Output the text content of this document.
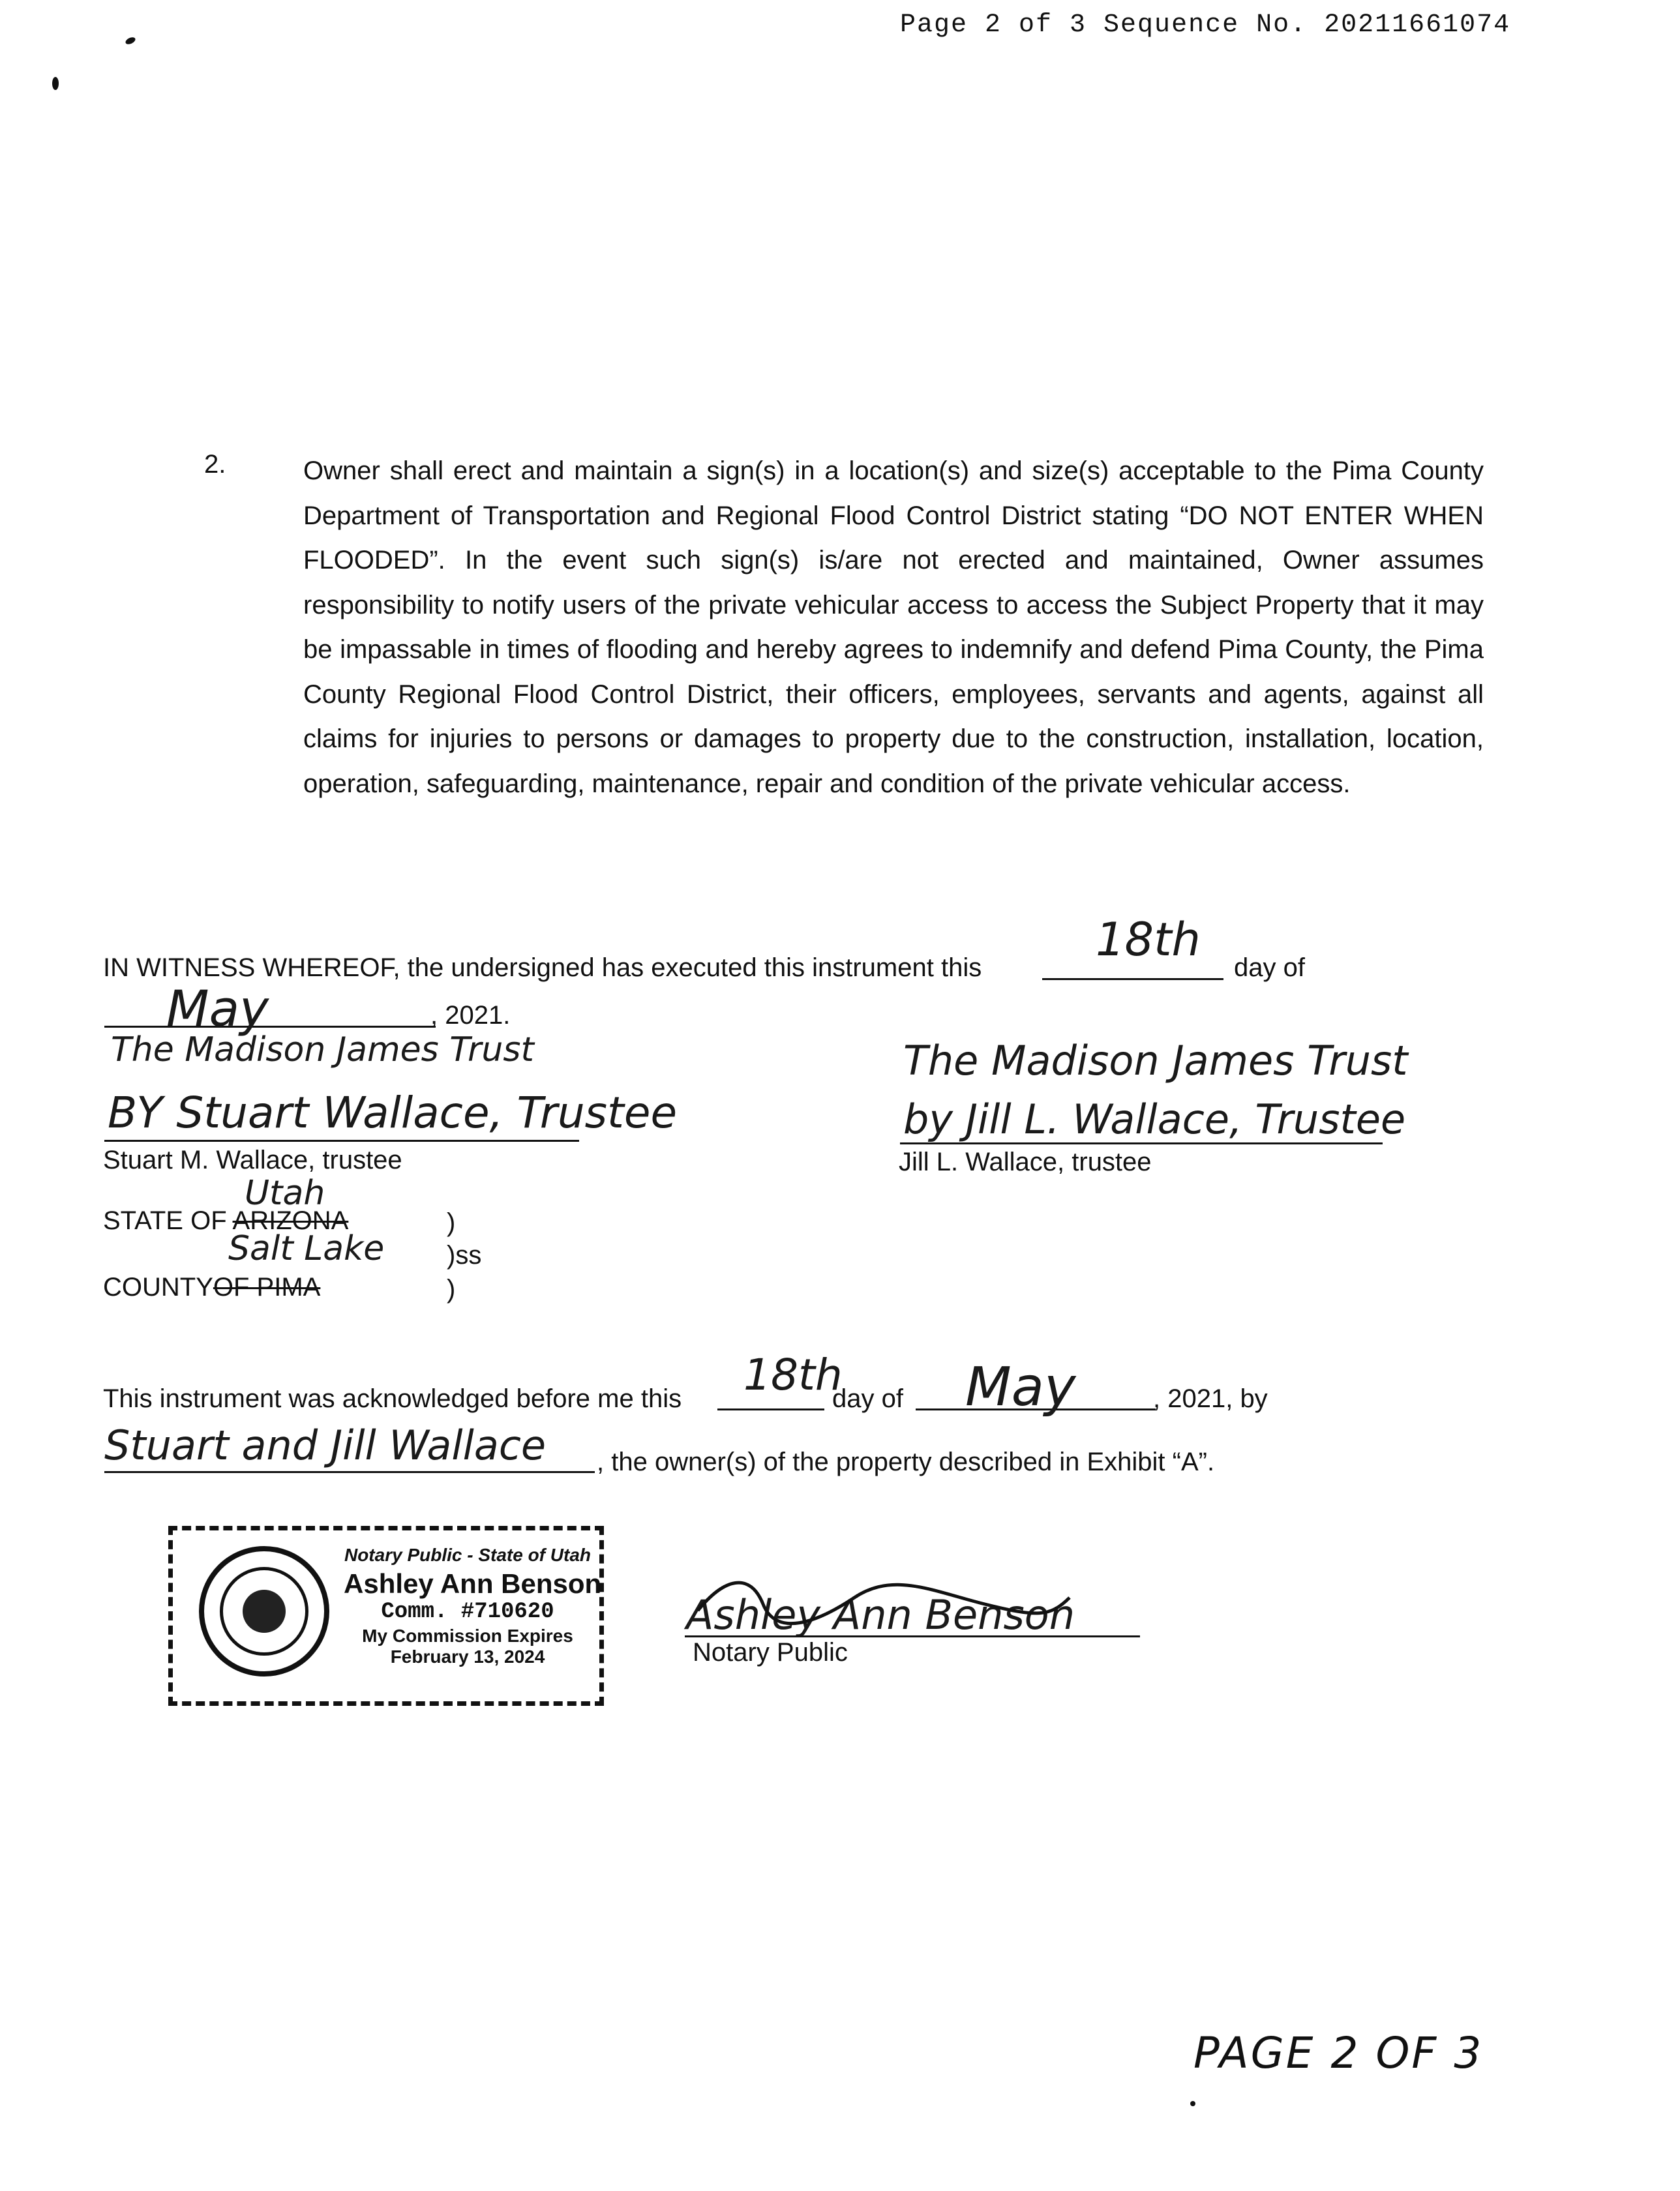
Page 2 of 3 Sequence No. 20211661074
2.	Owner shall erect and maintain a sign(s) in a location(s) and size(s) acceptable to the Pima County Department of Transportation and Regional Flood Control District stating “DO NOT ENTER WHEN FLOODED”. In the event such sign(s) is/are not erected and maintained, Owner assumes responsibility to notify users of the private vehicular access to access the Subject Property that it may be impassable in times of flooding and hereby agrees to indemnify and defend Pima County, the Pima County Regional Flood Control District, their officers, employees, servants and agents, against all claims for injuries to persons or damages to property due to the construction, installation, location, operation, safeguarding, maintenance, repair and condition of the private vehicular access.
IN WITNESS WHEREOF, the undersigned has executed this instrument this
18th
day of
May	, 2021.
The Madison James Trust
BY Stuart Wallace, Trustee
Stuart M. Wallace, trustee
The Madison James Trust
by Jill L. Wallace, Trustee
Jill L. Wallace, trustee
Utah
STATE OF ARIZONA	)
Salt Lake )ss
COUNTYOF PIMA	)
This instrument was acknowledged before me this 18th
day of May	, 2021, by
Stuart and Jill Wallace , the owner(s) of the property described in Exhibit “A”.
Notary Public - State of Utah
Ashley Ann Benson
Comm. #710620
My Commission Expires
February 13, 2024
Ashley Ann Benson
Notary Public
PAGE 2 OF 3
